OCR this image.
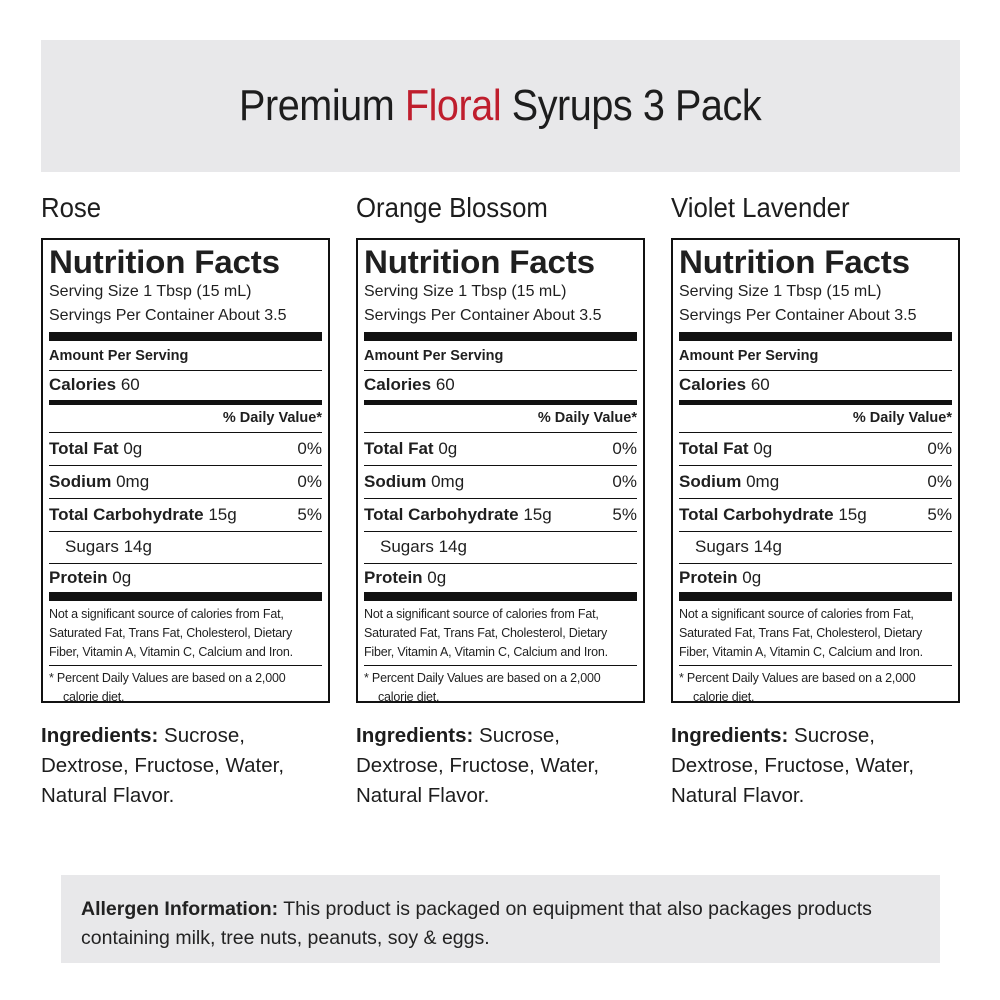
Premium Floral Syrups 3 Pack
Rose
Nutrition Facts
Serving Size 1 Tbsp (15 mL)
Servings Per Container About 3.5
Amount Per Serving
Calories 60
% Daily Value*
Total Fat 0g	0%
Sodium 0mg	0%
Total Carbohydrate 15g	5%
Sugars 14g
Protein 0g
Not a significant source of calories from Fat, Saturated Fat, Trans Fat, Cholesterol, Dietary Fiber, Vitamin A, Vitamin C, Calcium and Iron.
* Percent Daily Values are based on a 2,000 calorie diet.
Ingredients: Sucrose, Dextrose, Fructose, Water, Natural Flavor.
Orange Blossom
Nutrition Facts
Serving Size 1 Tbsp (15 mL)
Servings Per Container About 3.5
Amount Per Serving
Calories 60
% Daily Value*
Total Fat 0g	0%
Sodium 0mg	0%
Total Carbohydrate 15g	5%
Sugars 14g
Protein 0g
Not a significant source of calories from Fat, Saturated Fat, Trans Fat, Cholesterol, Dietary Fiber, Vitamin A, Vitamin C, Calcium and Iron.
* Percent Daily Values are based on a 2,000 calorie diet.
Ingredients: Sucrose, Dextrose, Fructose, Water, Natural Flavor.
Violet Lavender
Nutrition Facts
Serving Size 1 Tbsp (15 mL)
Servings Per Container About 3.5
Amount Per Serving
Calories 60
% Daily Value*
Total Fat 0g	0%
Sodium 0mg	0%
Total Carbohydrate 15g	5%
Sugars 14g
Protein 0g
Not a significant source of calories from Fat, Saturated Fat, Trans Fat, Cholesterol, Dietary Fiber, Vitamin A, Vitamin C, Calcium and Iron.
* Percent Daily Values are based on a 2,000 calorie diet.
Ingredients: Sucrose, Dextrose, Fructose, Water, Natural Flavor.
Allergen Information: This product is packaged on equipment that also packages products containing milk, tree nuts, peanuts, soy & eggs.
